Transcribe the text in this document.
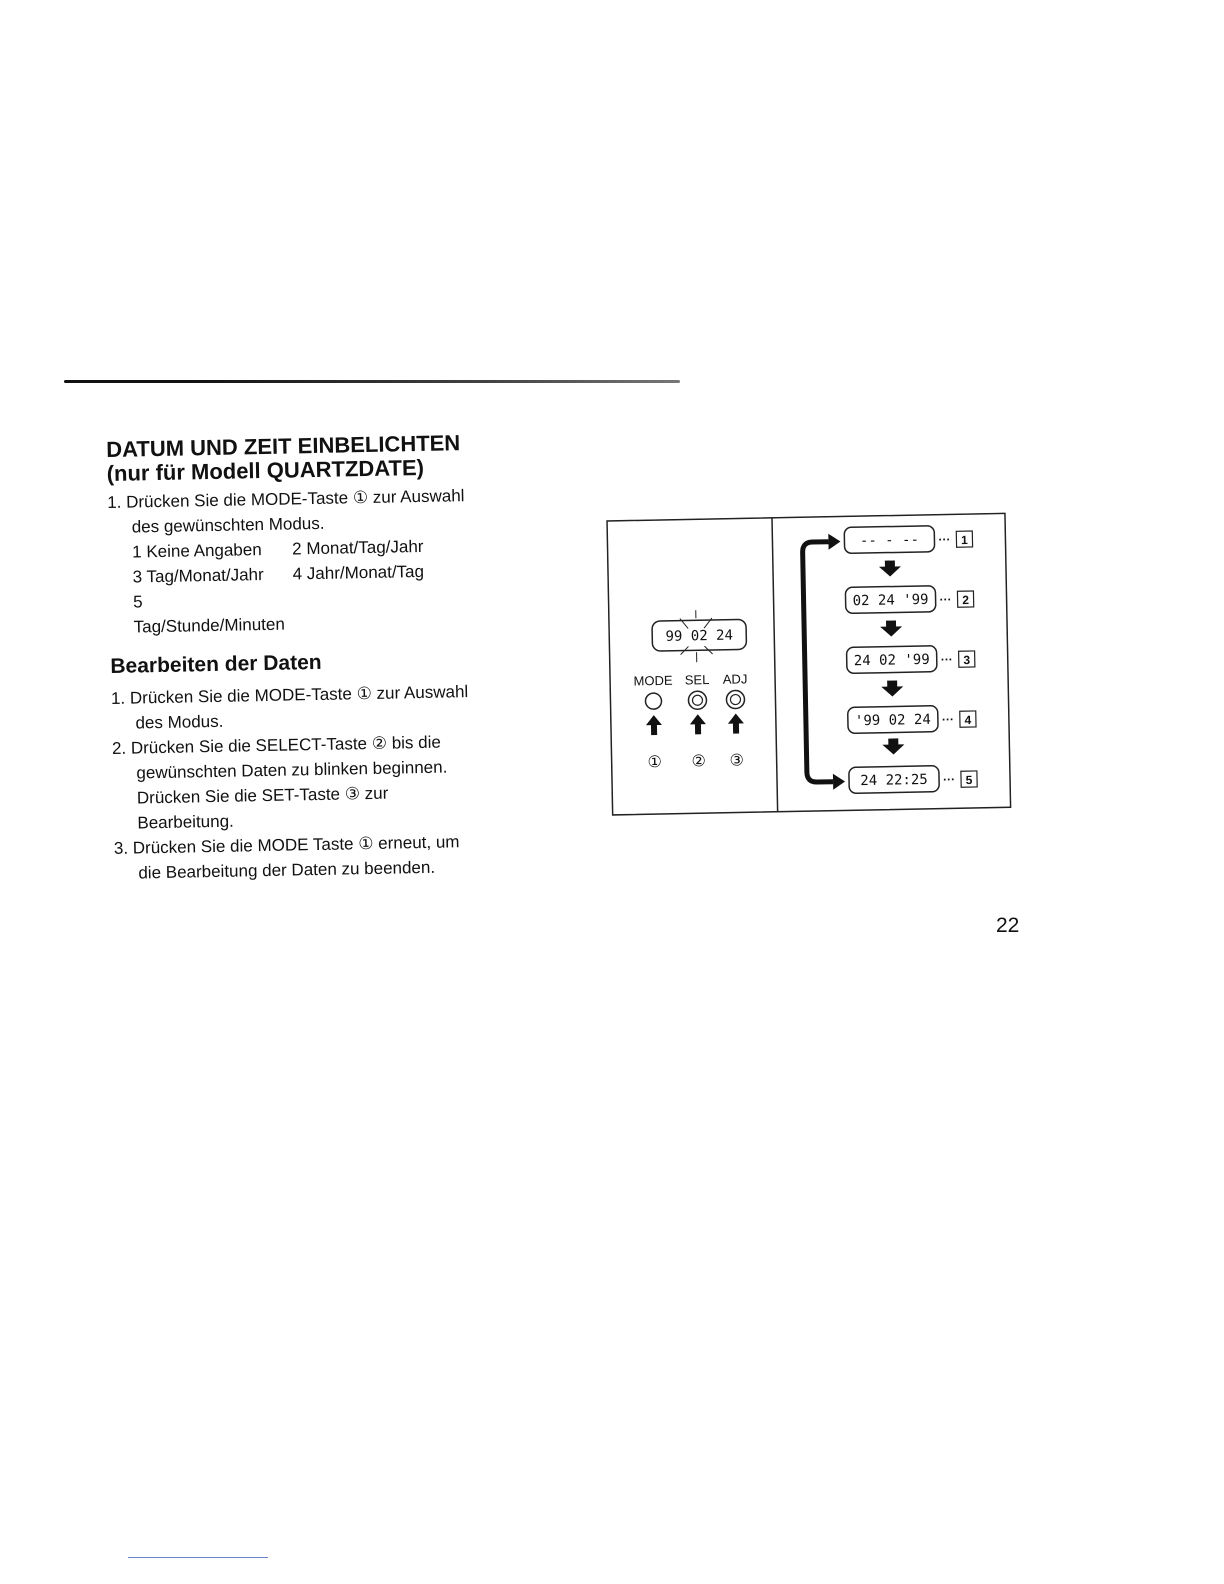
DATUM UND ZEIT EINBELICHTEN

(nur für Modell QUARTZDATE)

1. Drücken Sie die MODE-Taste ① zur Auswahl

des gewünschten Modus.

1 Keine Angaben	2 Monat/Tag/Jahr
3 Tag/Monat/Jahr	4 Jahr/Monat/Tag
5 Tag/Stunde/Minuten

Bearbeiten der Daten

1. Drücken Sie die MODE-Taste ① zur Auswahl

des Modus.

2. Drücken Sie die SELECT-Taste ② bis die

gewünschten Daten zu blinken beginnen.

Drücken Sie die SET-Taste ③ zur

Bearbeitung.

3. Drücken Sie die MODE Taste ① erneut, um

die Bearbeitung der Daten zu beenden.

99 02 24
MODE SEL ADJ
① ② ③
-- - -- ··· 1
02 24 '99 ··· 2
24 02 '99 ··· 3
'99 02 24 ··· 4
24 22:25 ··· 5
22
